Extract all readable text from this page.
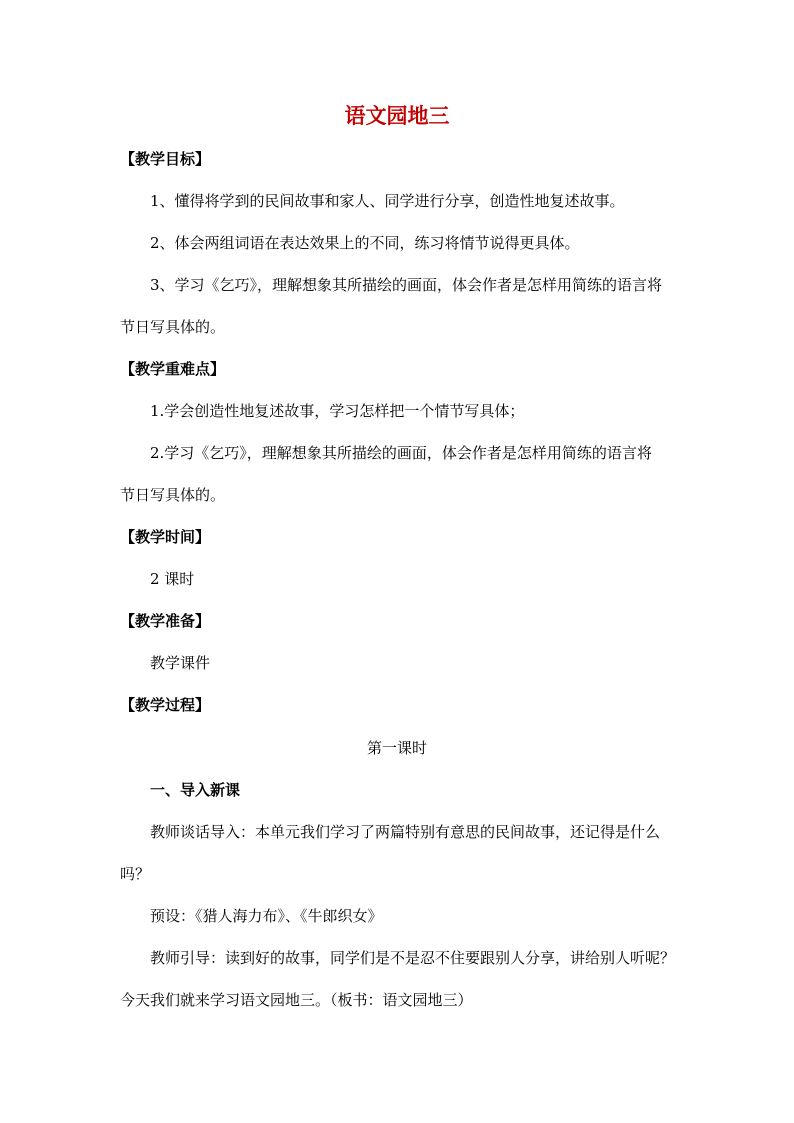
语文园地三
【教学目标】
1、懂得将学到的民间故事和家人、同学进行分享，创造性地复述故事。
2、体会两组词语在表达效果上的不同，练习将情节说得更具体。
3、学习《乞巧》，理解想象其所描绘的画面，体会作者是怎样用简练的语言将
节日写具体的。
【教学重难点】
1.学会创造性地复述故事，学习怎样把一个情节写具体；
2.学习《乞巧》，理解想象其所描绘的画面，体会作者是怎样用简练的语言将
节日写具体的。
【教学时间】
2 课时
【教学准备】
教学课件
【教学过程】
第一课时
一、导入新课
教师谈话导入：本单元我们学习了两篇特别有意思的民间故事，还记得是什么
吗？
预设：《猎人海力布》、《牛郎织女》
教师引导：读到好的故事，同学们是不是忍不住要跟别人分享，讲给别人听呢？
今天我们就来学习语文园地三。（板书：语文园地三）
